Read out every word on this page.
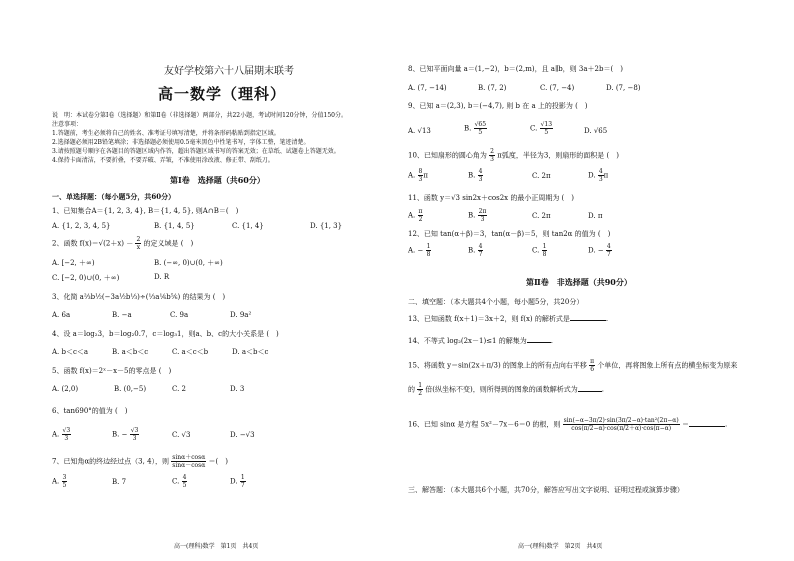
友好学校第六十八届期末联考
高一数学（理科）
说　明：本试卷分第Ⅰ卷（选择题）和第Ⅱ卷（非选择题）两部分，共22小题，考试时间120分钟，分值150分。
注意事项：
1.答题前，考生必须将自己的姓名、准考证号填写清楚，并将条形码粘贴到指定区域。
2.选择题必须用2B铅笔填涂；非选择题必须使用0.5毫米黑色中性笔书写，字体工整，笔迹清楚。
3.请按照题号顺序在各题目的答题区域内作答，超出答题区域书写的答案无效；在草纸、试题卷上答题无效。
4.保持卡面清洁，不要折叠，不要弄破、弄皱，不准使用涂改液、修正带、刮纸刀。
第Ⅰ卷　选择题（共60分）
一、单选择题：（每小题5分，共60分）
1、已知集合A＝{1, 2, 3, 4}, B＝{1, 4, 5}, 则A∩B＝(　)
A. {1, 2, 3, 4, 5}	B. {1, 4, 5}	C. {1, 4}	D. {1, 3}
2、函数 $f(x)=√(2+x) - \frac{2}{x}$ 的定义域是 (　)
A. [−2, ＋∞)	B. (−∞, 0)∪(0, ＋∞)
C. [−2, 0)∪(0, ＋∞)	D. R
3、化简 a⅔b½(−3a½b⅓)÷(⅓a⅙b⅚) 的结果为 (　)
A. 6a	B. −a	C. 9a	D. 9a²
4、设 a＝log₂3，b＝log₂0.7，c＝log₃1，则a、b、c的大小关系是 (　)
A. b＜c＜a	B. a＜b＜c	C. a＜c＜b	D. a＜b＜c
5、函数 f(x)＝2ˣ－x－5的零点是 (　)
A. (2,0)	B. (0,−5)	C. 2	D. 3
6、tan690°的值为 (　)
A. $\frac{√3}{3}$	B. − $\frac{√3}{3}$	C. √3	D. −√3
7、已知角α的终边经过点（3, 4），则 $\frac{\sin\alpha+\cos\alpha}{\sin\alpha-\cos\alpha}$ ＝(　)
A. $\frac{3}{5}$	B. 7	C. $\frac{4}{5}$	D. $\frac{1}{7}$
高一(理科)数学　第1页　共4页
8、已知平面向量 a＝(1,−2)，b＝(2,m)，且 a∥b，则 3a＋2b＝(　)
A. (7, −14)	B. (7, 2)	C. (7, −4)	D. (7, −8)
9、已知 a＝(2,3), b＝(−4,7), 则 b 在 a 上的投影为 (　)
A. √13	B. $\frac{√65}{5}$	C. $\frac{√13}{5}$	D. √65
10、已知扇形的圆心角为 $\frac{2}{3}$ π弧度，半径为3，则扇形的面积是 (　)
A. $\frac{8}{3}$ π	B. $\frac{4}{3}$	C. 2π	D. $\frac{4}{3}$ π
11、函数 y＝√3 sin2x＋cos2x 的最小正周期为 (　)
A. $\frac{\pi}{2}$	B. $\frac{2\pi}{3}$	C. 2π	D. π
12、已知 tan(α＋β)＝3，tan(α－β)＝5，则 tan2α 的值为 (　)
A. − $\frac{1}{8}$	B. $\frac{4}{7}$	C. $\frac{1}{8}$	D. − $\frac{4}{7}$
第Ⅱ卷　非选择题（共90分）
二、填空题：（本大题共4个小题，每小题5分，共20分）
13、已知函数 f(x＋1)＝3x＋2，则 f(x) 的解析式是	.
14、不等式 log₂(2x－1)≤1 的解集为	.
15、将函数 y＝sin(2x＋π/3) 的图象上的所有点向右平移 $\frac{\pi}{6}$ 个单位，再将图象上所有点的横坐标变为原来
的 $\frac{1}{2}$ 倍(纵坐标不变)，则所得到的图象的函数解析式为	.
16、已知 sinα 是方程 5x²－7x－6＝0 的根，则 $\frac{\text{sin(−α−3π/2)·sin(3π/2−α)·tan²(2π−α)}}{\cos(\pi/2-\alpha)\cdot\cos(\pi/2+\alpha)\cdot\cos(\pi-\alpha)}$ ＝	.
三、解答题：（本大题共6个小题，共70分，解答应写出文字说明、证明过程或演算步骤）
高一(理科)数学　第2页　共4页
